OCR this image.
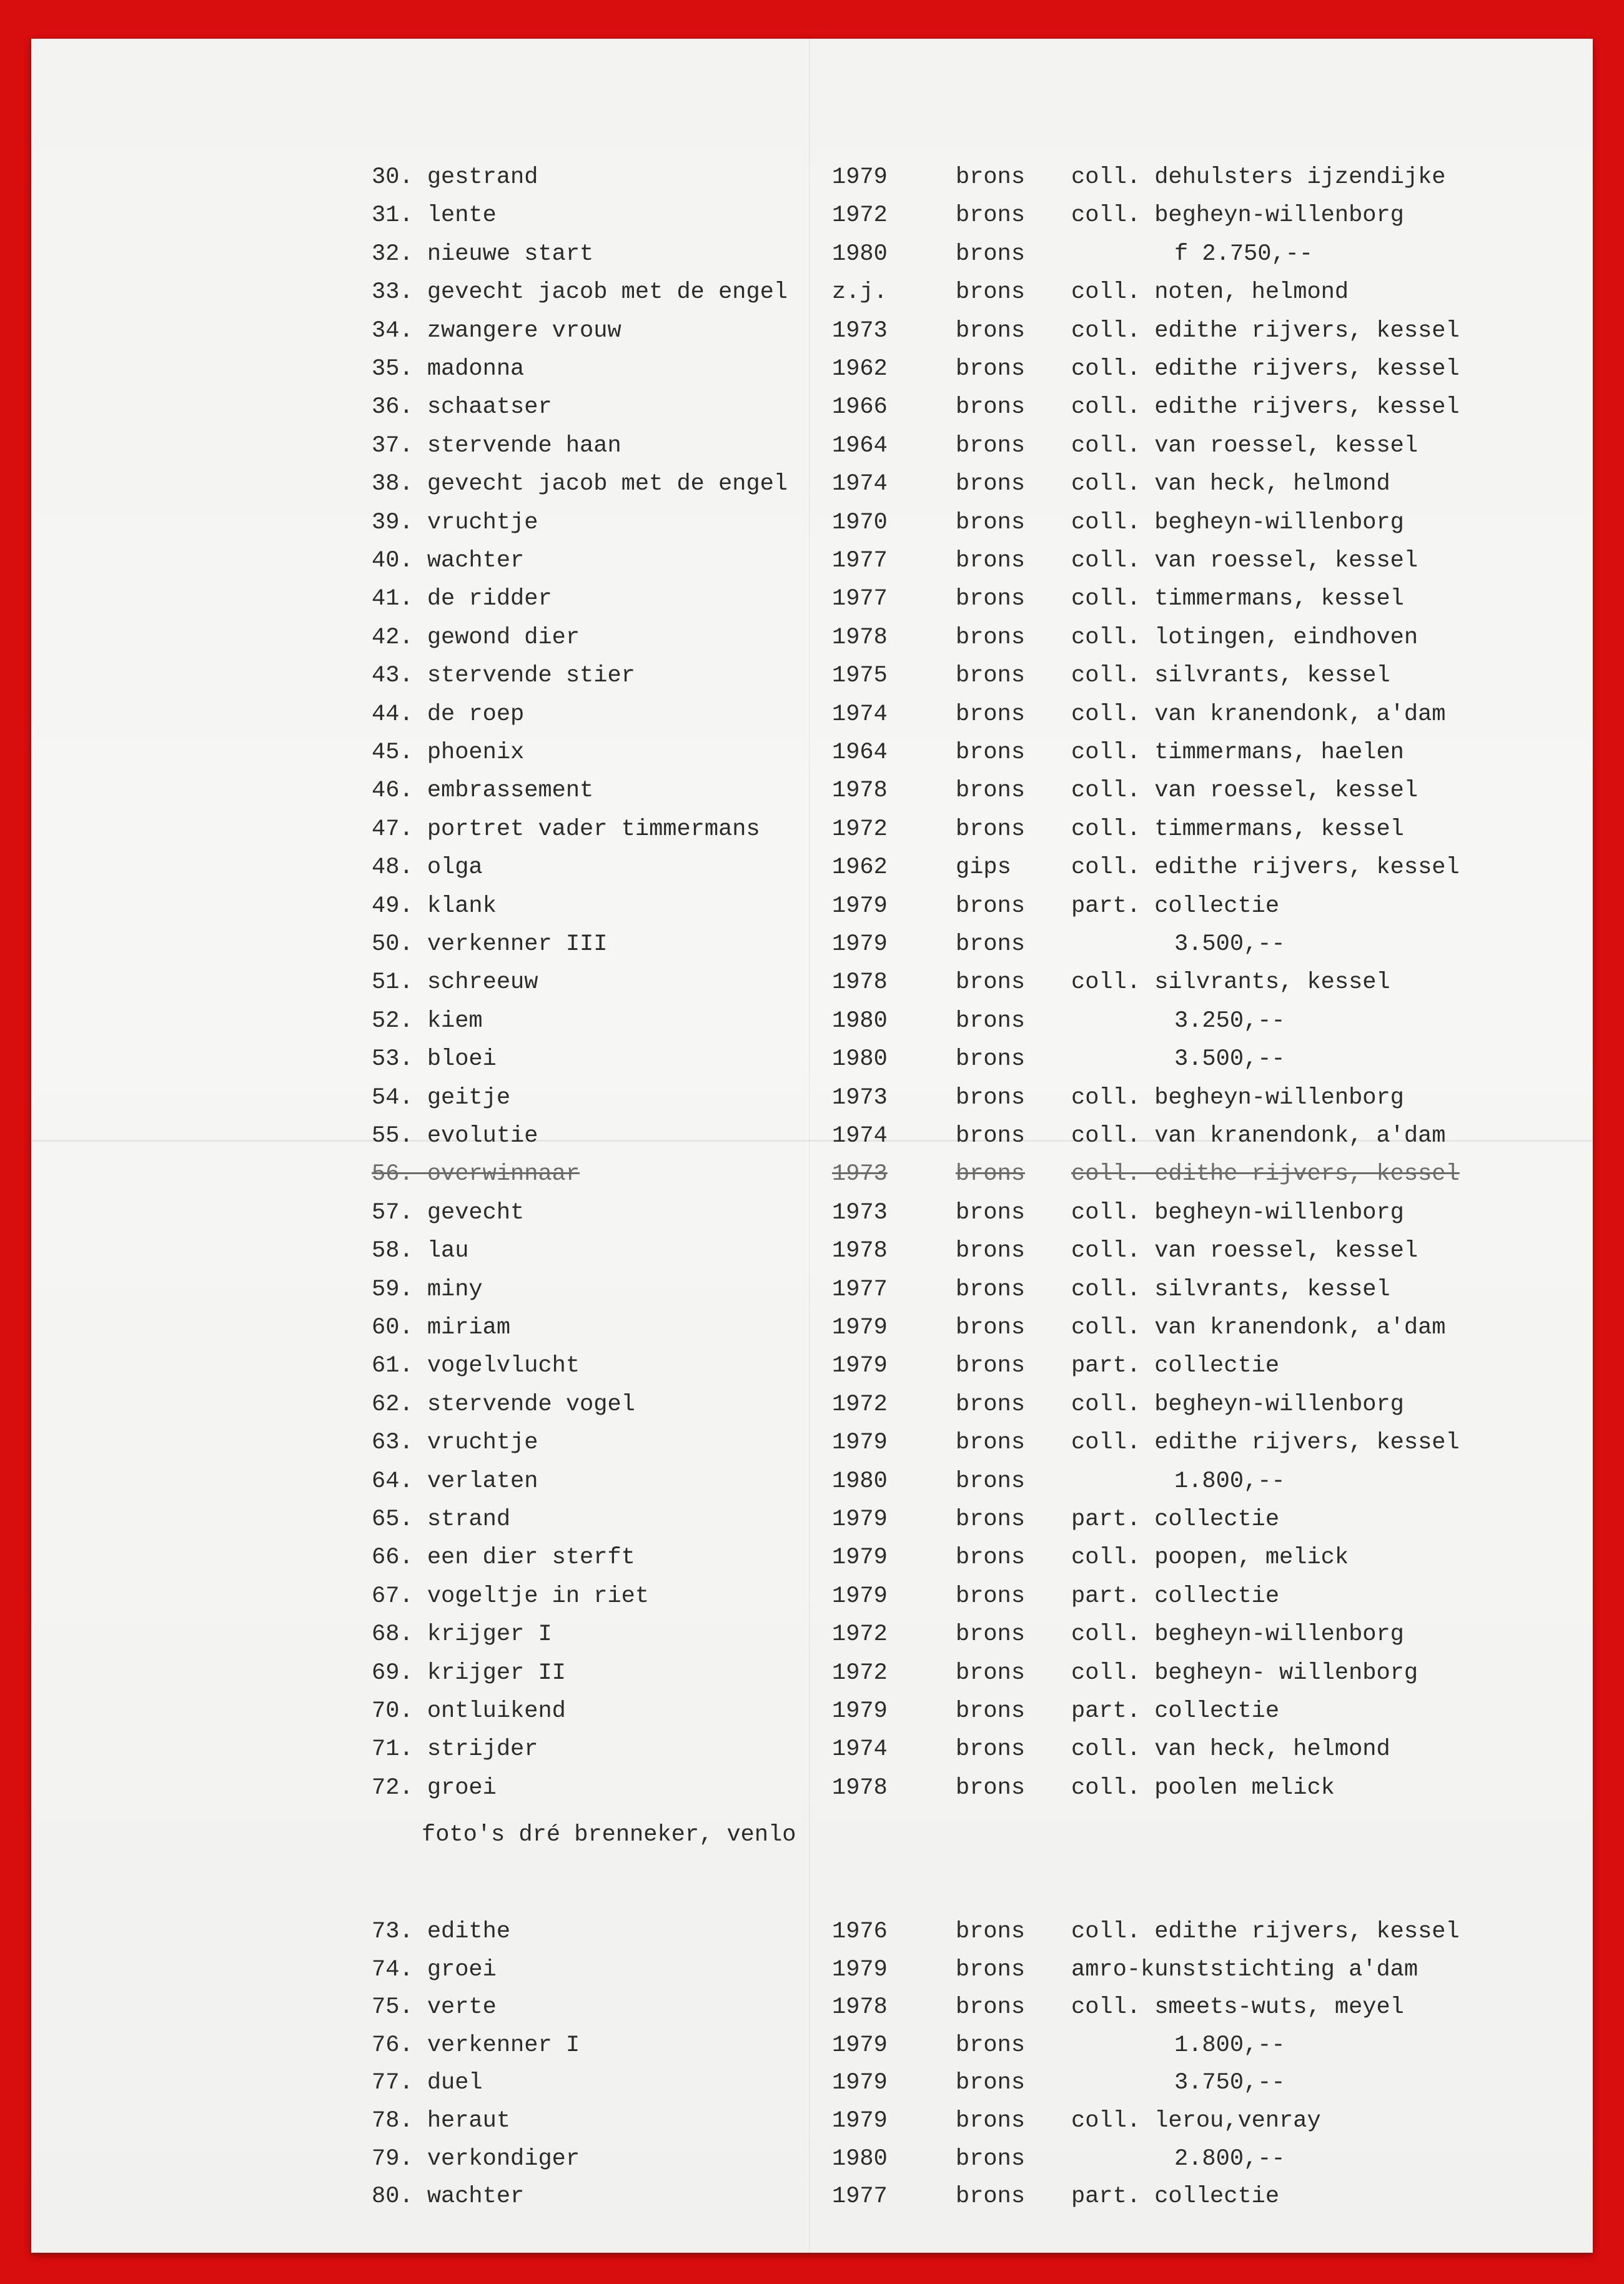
30. gestrand	1979	brons coll. dehulsters ijzendijke
31. lente	1972	brons coll. begheyn-willenborg
32. nieuwe start	1980	brons	f 2.750,--
33. gevecht jacob met de engel z.j.	brons coll. noten, helmond
34. zwangere vrouw	1973	brons coll. edithe rijvers, kessel
35. madonna	1962	brons coll. edithe rijvers, kessel
36. schaatser	1966	brons coll. edithe rijvers, kessel
37. stervende haan	1964	brons coll. van roessel, kessel
38. gevecht jacob met de engel 1974	brons coll. van heck, helmond
39. vruchtje	1970	brons coll. begheyn-willenborg
40. wachter	1977	brons coll. van roessel, kessel
41. de ridder	1977	brons coll. timmermans, kessel
42. gewond dier	1978	brons coll. lotingen, eindhoven
43. stervende stier	1975	brons coll. silvrants, kessel
44. de roep	1974	brons coll. van kranendonk, a'dam
45. phoenix	1964	brons coll. timmermans, haelen
46. embrassement	1978	brons coll. van roessel, kessel
47. portret vader timmermans	1972	brons coll. timmermans, kessel
48. olga	1962	gips	coll. edithe rijvers, kessel
49. klank	1979	brons part. collectie
50. verkenner III	1979	brons	3.500,--
51. schreeuw	1978	brons coll. silvrants, kessel
52. kiem	1980	brons	3.250,--
53. bloei	1980	brons	3.500,--
54. geitje	1973	brons coll. begheyn-willenborg
55. evolutie	1974	brons coll. van kranendonk, a'dam
56. overwinnaar	1973	brons coll. edithe rijvers, kessel
57. gevecht	1973	brons coll. begheyn-willenborg
58. lau	1978	brons coll. van roessel, kessel
59. miny	1977	brons coll. silvrants, kessel
60. miriam	1979	brons coll. van kranendonk, a'dam
61. vogelvlucht	1979	brons part. collectie
62. stervende vogel	1972	brons coll. begheyn-willenborg
63. vruchtje	1979	brons coll. edithe rijvers, kessel
64. verlaten	1980	brons	1.800,--
65. strand	1979	brons part. collectie
66. een dier sterft	1979	brons coll. poopen, melick
67. vogeltje in riet	1979	brons part. collectie
68. krijger I	1972	brons coll. begheyn-willenborg
69. krijger II	1972	brons coll. begheyn- willenborg
70. ontluikend	1979	brons part. collectie
71. strijder	1974	brons coll. van heck, helmond
72. groei	1978	brons coll. poolen melick
73. edithe	1976	brons coll. edithe rijvers, kessel
74. groei	1979	brons amro-kunststichting a'dam
75. verte	1978	brons coll. smeets-wuts, meyel
76. verkenner I	1979	brons	1.800,--
77. duel	1979	brons	3.750,--
78. heraut	1979	brons coll. lerou,venray
79. verkondiger	1980	brons	2.800,--
80. wachter	1977	brons part. collectie
foto's dré brenneker, venlo
